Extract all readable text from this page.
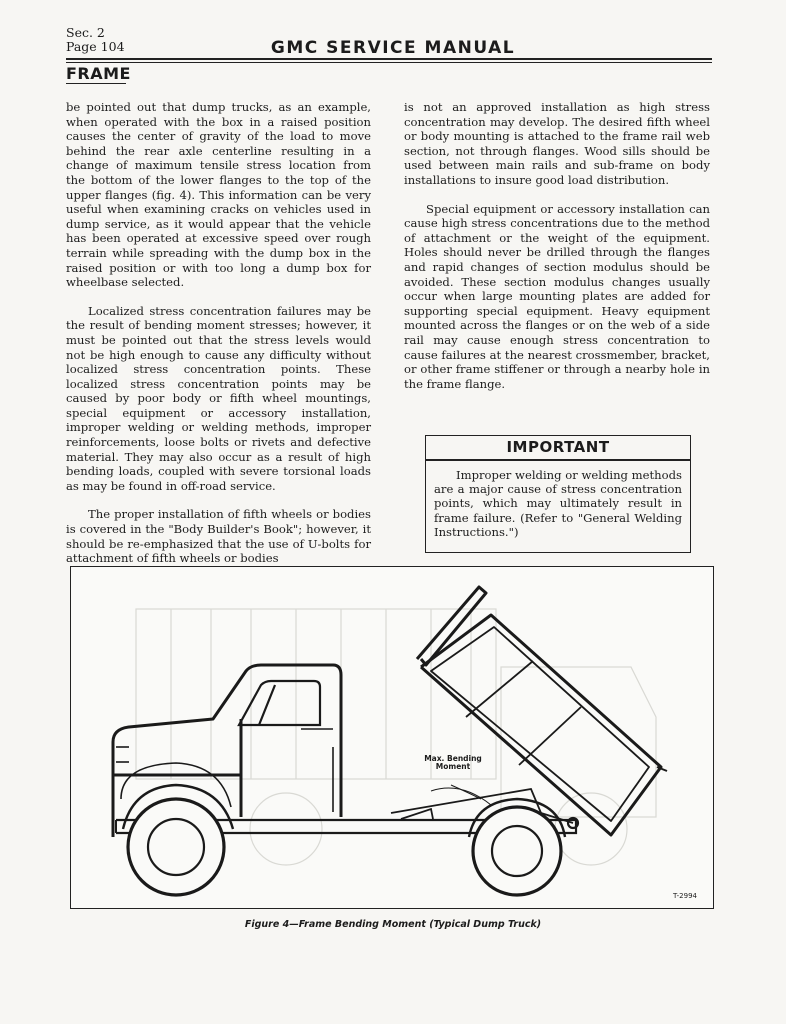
Sec. 2
Page 104	GMC SERVICE MANUAL
FRAME

be pointed out that dump trucks, as an example, when operated with the box in a raised position causes the center of gravity of the load to move behind the rear axle centerline resulting in a change of maximum tensile stress location from the bottom of the lower flanges to the top of the upper flanges (fig. 4). This information can be very useful when examining cracks on vehicles used in dump service, as it would appear that the vehicle has been operated at excessive speed over rough terrain while spreading with the dump box in the raised position or with too long a dump box for wheelbase selected.

Localized stress concentration failures may be the result of bending moment stresses; however, it must be pointed out that the stress levels would not be high enough to cause any difficulty without localized stress concentration points. These localized stress concentration points may be caused by poor body or fifth wheel mountings, special equipment or accessory installation, improper welding or welding methods, improper reinforcements, loose bolts or rivets and defective material. They may also occur as a result of high bending loads, coupled with severe torsional loads as may be found in off-road service.

The proper installation of fifth wheels or bodies is covered in the "Body Builder's Book"; however, it should be re-emphasized that the use of U-bolts for attachment of fifth wheels or bodies

is not an approved installation as high stress concentration may develop. The desired fifth wheel or body mounting is attached to the frame rail web section, not through flanges. Wood sills should be used between main rails and sub-frame on body installations to insure good load distribution.

Special equipment or accessory installation can cause high stress concentrations due to the method of attachment or the weight of the equipment. Holes should never be drilled through the flanges and rapid changes of section modulus should be avoided. These section modulus changes usually occur when large mounting plates are added for supporting special equipment. Heavy equipment mounted across the flanges or on the web of a side rail may cause enough stress concentration to cause failures at the nearest crossmember, bracket, or other frame stiffener or through a nearby hole in the frame flange.

IMPORTANT
Improper welding or welding methods are a major cause of stress concentration points, which may ultimately result in frame failure. (Refer to "General Welding Instructions.")
Max. Bending
Moment
T-2994
Figure 4—Frame Bending Moment (Typical Dump Truck)
